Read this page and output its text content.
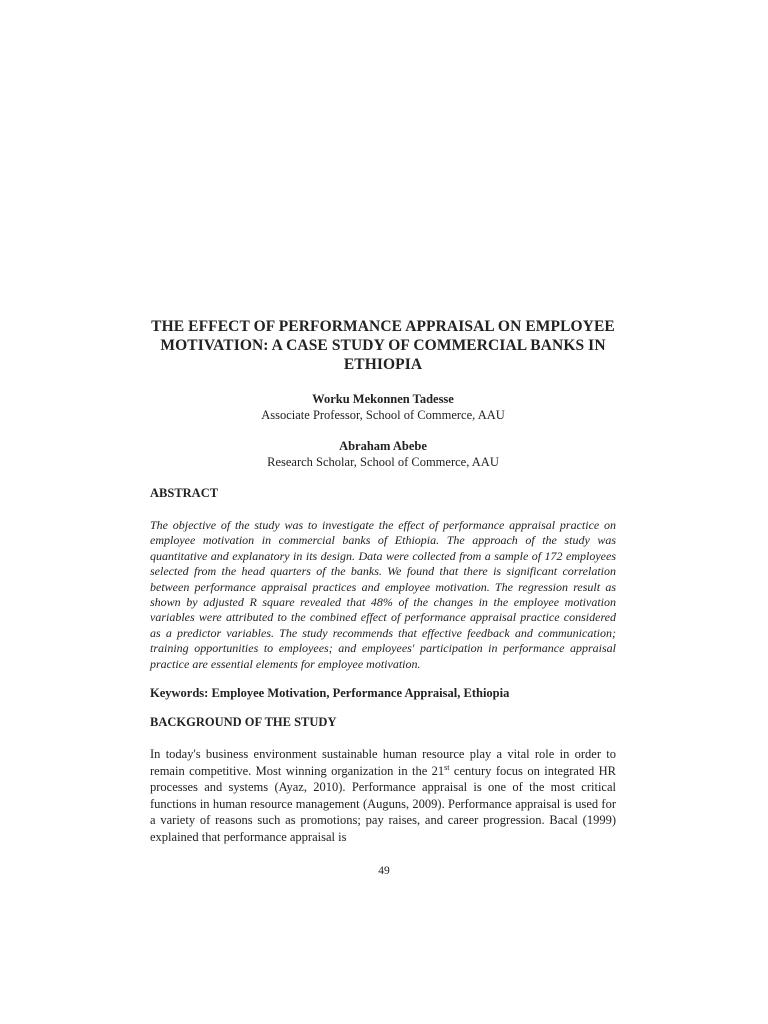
THE EFFECT OF PERFORMANCE APPRAISAL ON EMPLOYEE MOTIVATION: A CASE STUDY OF COMMERCIAL BANKS IN ETHIOPIA
Worku Mekonnen Tadesse
Associate Professor, School of Commerce, AAU
Abraham Abebe
Research Scholar, School of Commerce, AAU
ABSTRACT

The objective of the study was to investigate the effect of performance appraisal practice on employee motivation in commercial banks of Ethiopia. The approach of the study was quantitative and explanatory in its design. Data were collected from a sample of 172 employees selected from the head quarters of the banks. We found that there is significant correlation between performance appraisal practices and employee motivation. The regression result as shown by adjusted R square revealed that 48% of the changes in the employee motivation variables were attributed to the combined effect of performance appraisal practice considered as a predictor variables. The study recommends that effective feedback and communication; training opportunities to employees; and employees' participation in performance appraisal practice are essential elements for employee motivation.

Keywords: Employee Motivation, Performance Appraisal, Ethiopia
BACKGROUND OF THE STUDY

In today's business environment sustainable human resource play a vital role in order to remain competitive. Most winning organization in the 21st century focus on integrated HR processes and systems (Ayaz, 2010). Performance appraisal is one of the most critical functions in human resource management (Auguns, 2009). Performance appraisal is used for a variety of reasons such as promotions; pay raises, and career progression. Bacal (1999) explained that performance appraisal is

49
